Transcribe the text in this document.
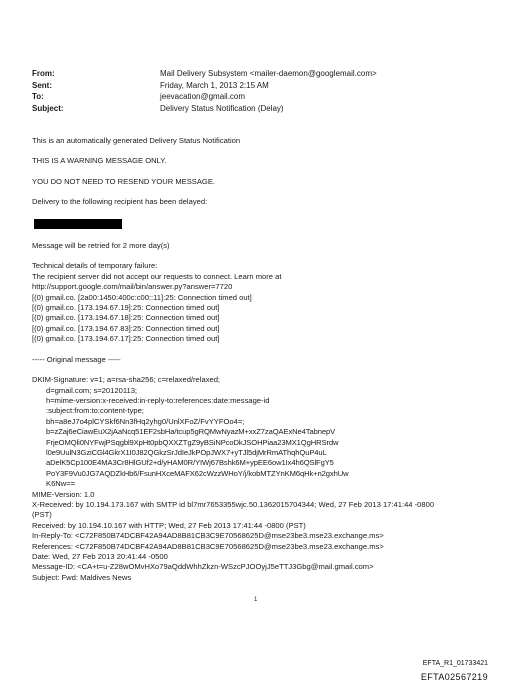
From:	Mail Delivery Subsystem <mailer-daemon@googlemail.com>
Sent:	Friday, March 1, 2013 2:15 AM
To:	jeevacation@gmail.com
Subject:	Delivery Status Notification (Delay)

This is an automatically generated Delivery Status Notification

THIS IS A WARNING MESSAGE ONLY.

YOU DO NOT NEED TO RESEND YOUR MESSAGE.

Delivery to the following recipient has been delayed:

Message will be retried for 2 more day(s)

Technical details of temporary failure:

The recipient server did not accept our requests to connect. Learn more at

http://support.google.com/mail/bin/answer.py?answer=7720

[(0) gmail.co. [2a00:1450:400c:c00::11]:25: Connection timed out]

[(0) gmail.co. [173.194.67.19]:25: Connection timed out]

[(0) gmail.co. [173.194.67.18]:25: Connection timed out]

[(0) gmail.co. [173.194.67.83]:25: Connection timed out]

[(0) gmail.co. [173.194.67.17]:25: Connection timed out]

----- Original message -----

DKIM-Signature: v=1; a=rsa-sha256; c=relaxed/relaxed;

d=gmail.com; s=20120113;

h=mime-version:x-received:in-reply-to:references:date:message-id

:subject:from:to:content-type;

bh=a8eJ7o4plCYSkf6Nn3fHq2yhg0/UnlXFoZ/FvYYFOo4=;

b=zZaj6eCiawEuX2jAaNcq51EF2sbHa/tcup5gRQMwNyazM+xxZ7zaQAExNe4TabnepV

FrjeOMQli0NYFwjPSqgbl9XpHt0pbQXXZTgZ9yBSiNPcoDkJSOHPiaa23MX1QgHRSrdw

l0e9UulN3GziCGl4GkrX1I0J82QGkzSrJdIeJkPOpJWX7+yTJl5djMrRmAThqhQuP4uL

aDelK5Cp100E4MA3Cr8HlGUf2+d/yHAM0R/YIWj67Bshk6M+ypEE6ow1Ix4h6QSlFgY5

PoY3F9Vu0JG7AQDZkHb6/FsunHXceMAFX62cWzzWHoY/j/kobMTZYnKM6qHk+n2gxhUw

K6Nw==

MIME-Version: 1.0

X-Received: by 10.194.173.167 with SMTP id bl7mr7653355wjc.50.1362015704344; Wed, 27 Feb 2013 17:41:44 -0800

(PST)

Received: by 10.194.10.167 with HTTP; Wed, 27 Feb 2013 17:41:44 -0800 (PST)

In-Reply-To: <C72F850B74DCBF42A94AD8B81CB3C9E70568625D@mse23be3.mse23.exchange.ms>

References: <C72F850B74DCBF42A94AD8B81CB3C9E70568625D@mse23be3.mse23.exchange.ms>

Date: Wed, 27 Feb 2013 20:41:44 -0500

Message-ID: <CA+t=u-Z28wOMvHXo79aQddWhhZkzn-WSzcPJOOyjJ5eTTJ3Gbg@mail.gmail.com>

Subject: Fwd: Maldives News

1
EFTA_R1_01733421
EFTA02567219
